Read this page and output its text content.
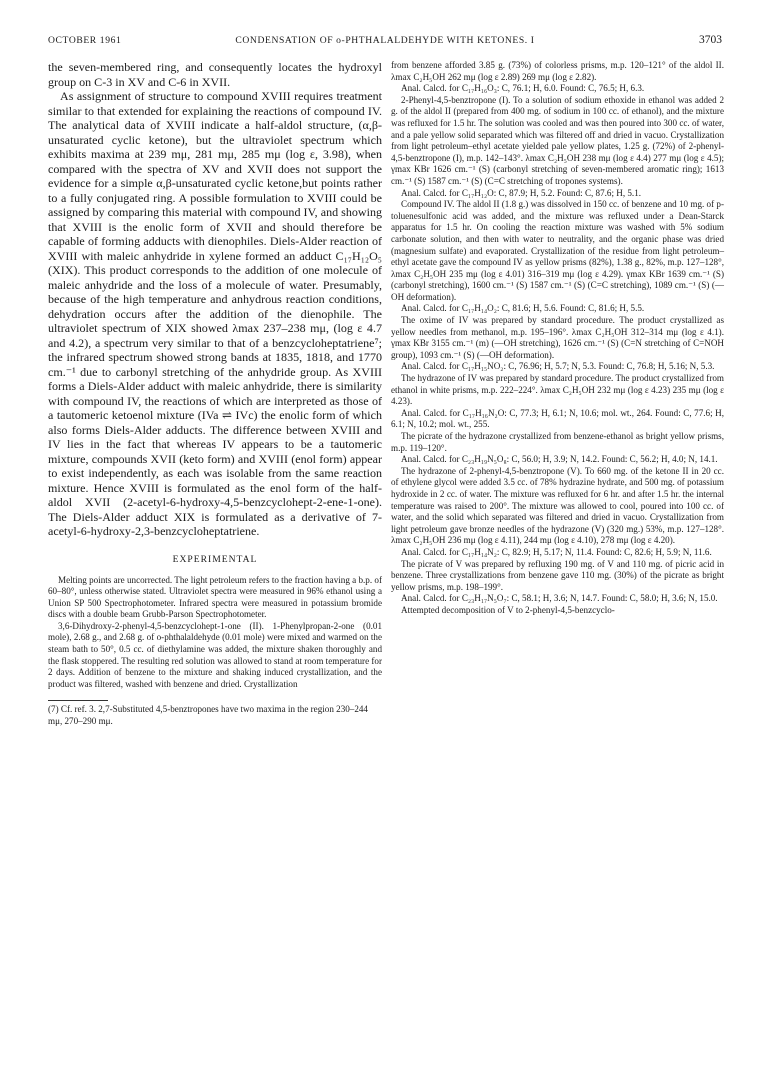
OCTOBER 1961	CONDENSATION OF o-PHTHALALDEHYDE WITH KETONES. I	3703

the seven-membered ring, and consequently locates the hydroxyl group on C-3 in XV and C-6 in XVII.

As assignment of structure to compound XVIII requires treatment similar to that extended for explaining the reactions of compound IV. The analytical data of XVIII indicate a half-aldol structure, (α,β-unsaturated cyclic ketone), but the ultraviolet spectrum which exhibits maxima at 239 mμ, 281 mμ, 285 mμ (log ε, 3.98), when compared with the spectra of XV and XVII does not support the evidence for a simple α,β-unsaturated cyclic ketone,but points rather to a fully conjugated ring. A possible formulation to XVIII could be assigned by comparing this material with compound IV, and showing that XVIII is the enolic form of XVII and should therefore be capable of forming adducts with dienophiles. Diels-Alder reaction of XVIII with maleic anhydride in xylene formed an adduct C₁₇H₁₂O₅ (XIX). This product corresponds to the addition of one molecule of maleic anhydride and the loss of a molecule of water. Presumably, because of the high temperature and anhydrous reaction conditions, dehydration occurs after the addition of the dienophile. The ultraviolet spectrum of XIX showed λmax 237–238 mμ, (log ε 4.7 and 4.2), a spectrum very similar to that of a benzcycloheptatriene⁷; the infrared spectrum showed strong bands at 1835, 1818, and 1770 cm.⁻¹ due to carbonyl stretching of the anhydride group. As XVIII forms a Diels-Alder adduct with maleic anhydride, there is similarity with compound IV, the reactions of which are interpreted as those of a tautomeric ketoenol mixture (IVa ⇌ IVc) the enolic form of which also forms Diels-Alder adducts. The difference between XVIII and IV lies in the fact that whereas IV appears to be a tautomeric mixture, compounds XVII (keto form) and XVIII (enol form) appear to exist independently, as each was isolable from the same reaction mixture. Hence XVIII is formulated as the enol form of the half-aldol XVII (2-acetyl-6-hydroxy-4,5-benzcyclohept-2-ene-1-one). The Diels-Alder adduct XIX is formulated as a derivative of 7-acetyl-6-hydroxy-2,3-benzcycloheptatriene.

EXPERIMENTAL

Melting points are uncorrected. The light petroleum refers to the fraction having a b.p. of 60–80°, unless otherwise stated. Ultraviolet spectra were measured in 96% ethanol using a Union SP 500 Spectrophotometer. Infrared spectra were measured in potassium bromide discs with a double beam Grubb-Parson Spectrophotometer.

3,6-Dihydroxy-2-phenyl-4,5-benzcyclohept-1-one (II). 1-Phenylpropan-2-one (0.01 mole), 2.68 g., and 2.68 g. of o-phthalaldehyde (0.01 mole) were mixed and warmed on the steam bath to 50°, 0.5 cc. of diethylamine was added, the mixture shaken thoroughly and the flask stoppered. The resulting red solution was allowed to stand at room temperature for 2 days. Addition of benzene to the mixture and shaking induced crystallization, and the product was filtered, washed with benzene and dried. Crystallization

(7) Cf. ref. 3. 2,7-Substituted 4,5-benztropones have two maxima in the region 230–244 mμ, 270–290 mμ.

from benzene afforded 3.85 g. (73%) of colorless prisms, m.p. 120–121° of the aldol II. λmax C₂H₅OH 262 mμ (log ε 2.89) 269 mμ (log ε 2.82).

Anal. Calcd. for C₁₇H₁₆O₃: C, 76.1; H, 6.0. Found: C, 76.5; H, 6.3.

2-Phenyl-4,5-benztropone (I). To a solution of sodium ethoxide in ethanol was added 2 g. of the aldol II (prepared from 400 mg. of sodium in 100 cc. of ethanol), and the mixture was refluxed for 1.5 hr. The solution was cooled and was then poured into 300 cc. of water, and a pale yellow solid separated which was filtered off and dried in vacuo. Crystallization from light petroleum–ethyl acetate yielded pale yellow plates, 1.25 g. (72%) of 2-phenyl-4,5-benztropone (I), m.p. 142–143°. λmax C₂H₅OH 238 mμ (log ε 4.4) 277 mμ (log ε 4.5); γmax KBr 1626 cm.⁻¹ (S) (carbonyl stretching of seven-membered aromatic ring); 1613 cm.⁻¹ (S) 1587 cm.⁻¹ (S) (C=C stretching of tropones systems).

Anal. Calcd. for C₁₇H₁₂O: C, 87.9; H, 5.2. Found: C, 87.6; H, 5.1.

Compound IV. The aldol II (1.8 g.) was dissolved in 150 cc. of benzene and 10 mg. of p-toluenesulfonic acid was added, and the mixture was refluxed under a Dean-Starck apparatus for 1.5 hr. On cooling the reaction mixture was washed with 5% sodium carbonate solution, and then with water to neutrality, and the organic phase was dried (magnesium sulfate) and evaporated. Crystallization of the residue from light petroleum–ethyl acetate gave the compound IV as yellow prisms (82%), 1.38 g., 82%, m.p. 127–128°, λmax C₂H₅OH 235 mμ (log ε 4.01) 316–319 mμ (log ε 4.29). γmax KBr 1639 cm.⁻¹ (S) (carbonyl stretching), 1600 cm.⁻¹ (S) 1587 cm.⁻¹ (S) (C=C stretching), 1089 cm.⁻¹ (S) (—OH deformation).

Anal. Calcd. for C₁₇H₁₄O₂: C, 81.6; H, 5.6. Found: C, 81.6; H, 5.5.

The oxime of IV was prepared by standard procedure. The product crystallized as yellow needles from methanol, m.p. 195–196°. λmax C₂H₅OH 312–314 mμ (log ε 4.1). γmax KBr 3155 cm.⁻¹ (m) (—OH stretching), 1626 cm.⁻¹ (S) (C=N stretching of C=NOH group), 1093 cm.⁻¹ (S) (—OH deformation).

Anal. Calcd. for C₁₇H₁₅NO₂: C, 76.96; H, 5.7; N, 5.3. Found: C, 76.8; H, 5.16; N, 5.3.

The hydrazone of IV was prepared by standard procedure. The product crystallized from ethanol in white prisms, m.p. 222–224°. λmax C₂H₅OH 232 mμ (log ε 4.23) 235 mμ (log ε 4.23).

Anal. Calcd. for C₁₇H₁₆N₂O: C, 77.3; H, 6.1; N, 10.6; mol. wt., 264. Found: C, 77.6; H, 6.1; N, 10.2; mol. wt., 255.

The picrate of the hydrazone crystallized from benzene-ethanol as bright yellow prisms, m.p. 119–120°.

Anal. Calcd. for C₂₃H₁₉N₅O₈: C, 56.0; H, 3.9; N, 14.2. Found: C, 56.2; H, 4.0; N, 14.1.

The hydrazone of 2-phenyl-4,5-benztropone (V). To 660 mg. of the ketone II in 20 cc. of ethylene glycol were added 3.5 cc. of 78% hydrazine hydrate, and 500 mg. of potassium hydroxide in 2 cc. of water. The mixture was refluxed for 6 hr. and after 1.5 hr. the internal temperature was raised to 200°. The mixture was allowed to cool, poured into 100 cc. of water, and the solid which separated was filtered and dried in vacuo. Crystallization from light petroleum gave bronze needles of the hydrazone (V) (320 mg.) 53%, m.p. 127–128°. λmax C₂H₅OH 236 mμ (log ε 4.11), 244 mμ (log ε 4.10), 278 mμ (log ε 4.20).

Anal. Calcd. for C₁₇H₁₄N₂: C, 82.9; H, 5.17; N, 11.4. Found: C, 82.6; H, 5.9; N, 11.6.

The picrate of V was prepared by refluxing 190 mg. of V and 110 mg. of picric acid in benzene. Three crystallizations from benzene gave 110 mg. (30%) of the picrate as bright yellow prisms, m.p. 198–199°.

Anal. Calcd. for C₂₃H₁₇N₅O₇: C, 58.1; H, 3.6; N, 14.7. Found: C, 58.0; H, 3.6; N, 15.0.

Attempted decomposition of V to 2-phenyl-4,5-benzcyclo-
